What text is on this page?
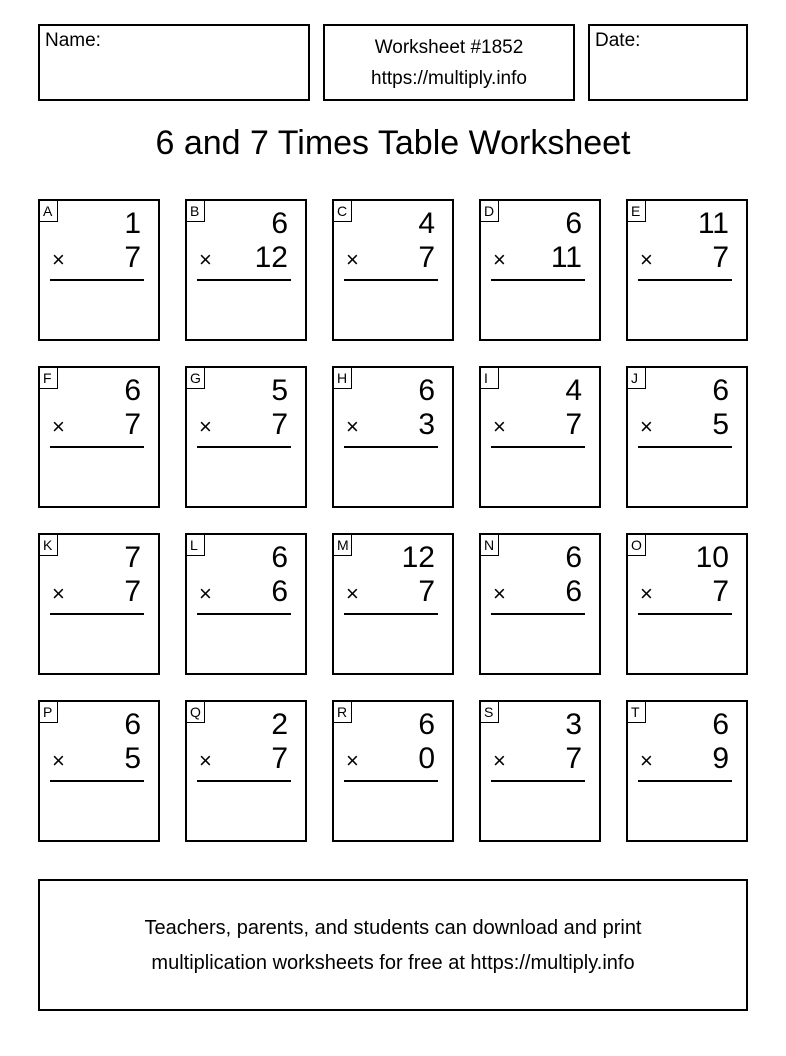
Name:	Worksheet #1852
https://multiply.info
Date:
6 and 7 Times Table Worksheet
A 1
× 7
B 6
× 12
C 4
× 7
D 6
× 11
E 11
× 7
F 6
× 7
G 5
× 7
H 6
× 3
I	4
× 7
J 6
× 5
K 7
× 7
L 6
× 6
M 12
× 7
N 6
× 6
O 10
× 7
P 6
× 5
Q 2
× 7
R 6
× 0
S 3
× 7
T 6
× 9
Teachers, parents, and students can download and print
multiplication worksheets for free at https://multiply.info
